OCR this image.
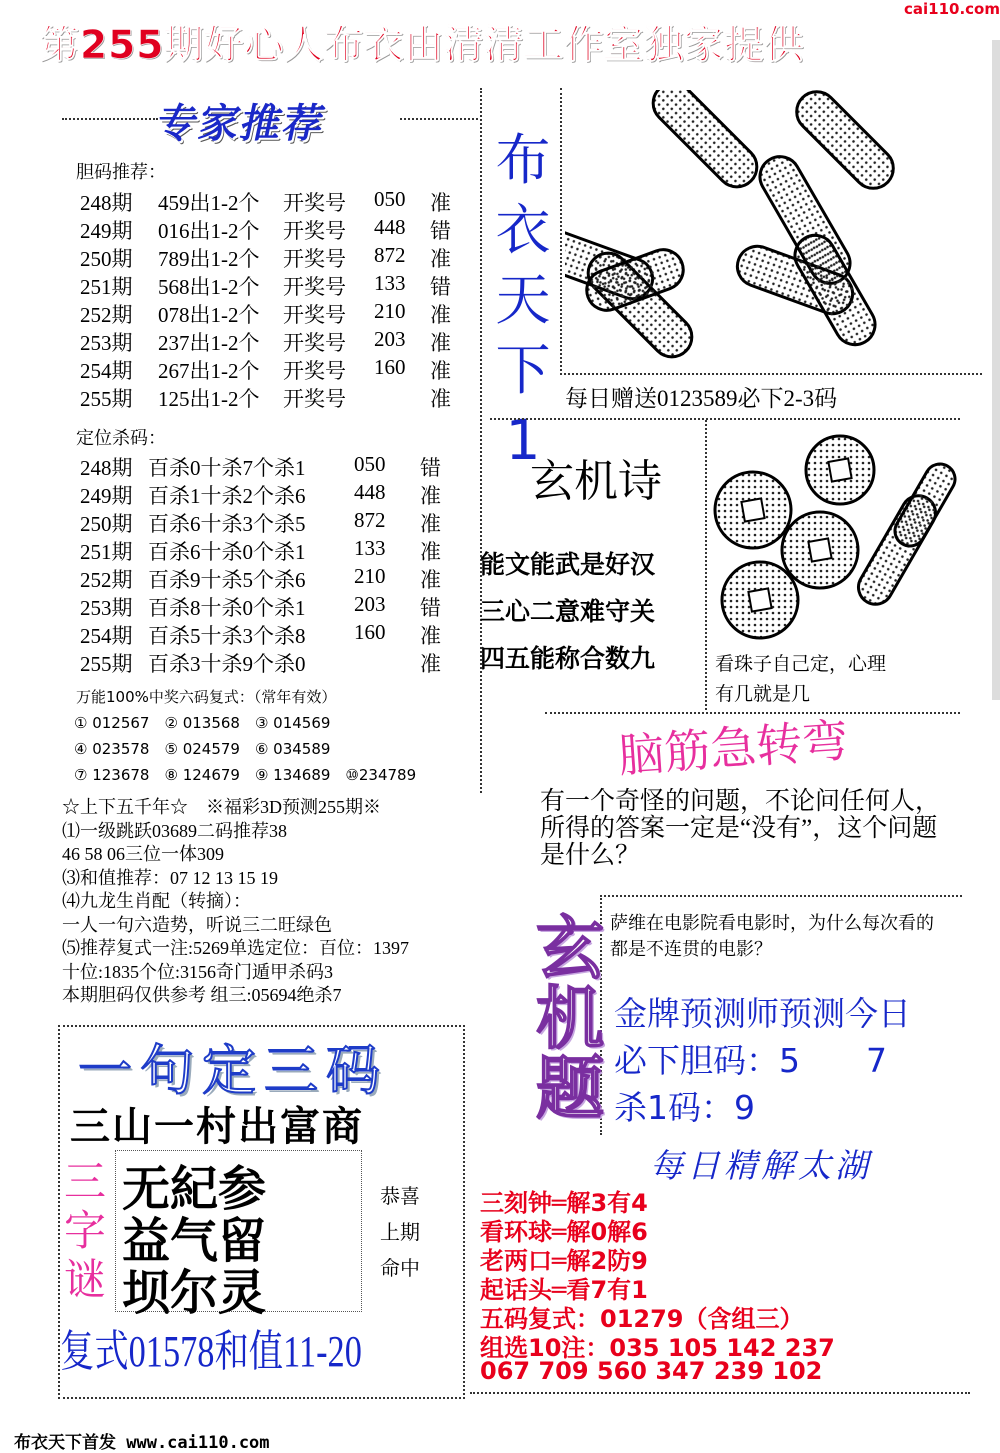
cai110.com
第255期好心人布衣由清清工作室独家提供
专家推荐
胆码推荐：
248期 459出1-2个 开奖号 050 准
249期 016出1-2个 开奖号 448 错
250期 789出1-2个 开奖号 872 准
251期 568出1-2个 开奖号 133 错
252期 078出1-2个 开奖号 210 准
253期 237出1-2个 开奖号 203 准
254期 267出1-2个 开奖号 160 准
255期 125出1-2个 开奖号	准
定位杀码：
248期 百杀0十杀7个杀1 050 错
249期 百杀1十杀2个杀6 448 准
250期 百杀6十杀3个杀5 872 准
251期 百杀6十杀0个杀1 133 准
252期 百杀9十杀5个杀6 210 准
253期 百杀8十杀0个杀1 203 错
254期 百杀5十杀3个杀8 160 准
255期 百杀3十杀9个杀0	准
万能100%中奖六码复式：（常年有效）
① 012567　② 013568　③ 014569
④ 023578　⑤ 024579　⑥ 034589
⑦ 123678　⑧ 124679　⑨ 134689　⑩234789
☆上下五千年☆　※福彩3D预测255期※
⑴一级跳跃03689二码推荐38
46 58 06三位一体309
⑶和值推荐：07 12 13 15 19
⑷九龙生肖配（转摘）：
一人一句六造势，听说三二旺绿色
⑸推荐复式一注:5269单选定位：百位：1397
十位:1835个位:3156奇门遁甲杀码3
本期胆码仅供参考 组三:05694绝杀7
布
衣
天
下
1
每日赠送0123589必下2-3码
玄机诗
能文能武是好汉
三心二意难守关
四五能称合数九	看珠子自己定，心理
有几就是几
脑筋急转弯
有一个奇怪的问题，不论问任何人，所得的答案一定是“没有”，这个问题是什么？
玄
机
题
萨维在电影院看电影时，为什么每次看的都是不连贯的电影？
金牌预测师预测今日
必下胆码：5　　7
杀1码：9
每日精解太湖
三刻钟═解3有4
看环球═解0解6
老两口═解2防9
起话头═看7有1
五码复式：01279（含组三）
组选10注：035 105 142 237
067 709 560 347 239 102
一句定三码
三山一村出富商
三
字
谜
无紀参
益气留
坝尔灵
恭喜
上期
命中
复式01578和值11-20
布衣天下首发 www.cai110.com
